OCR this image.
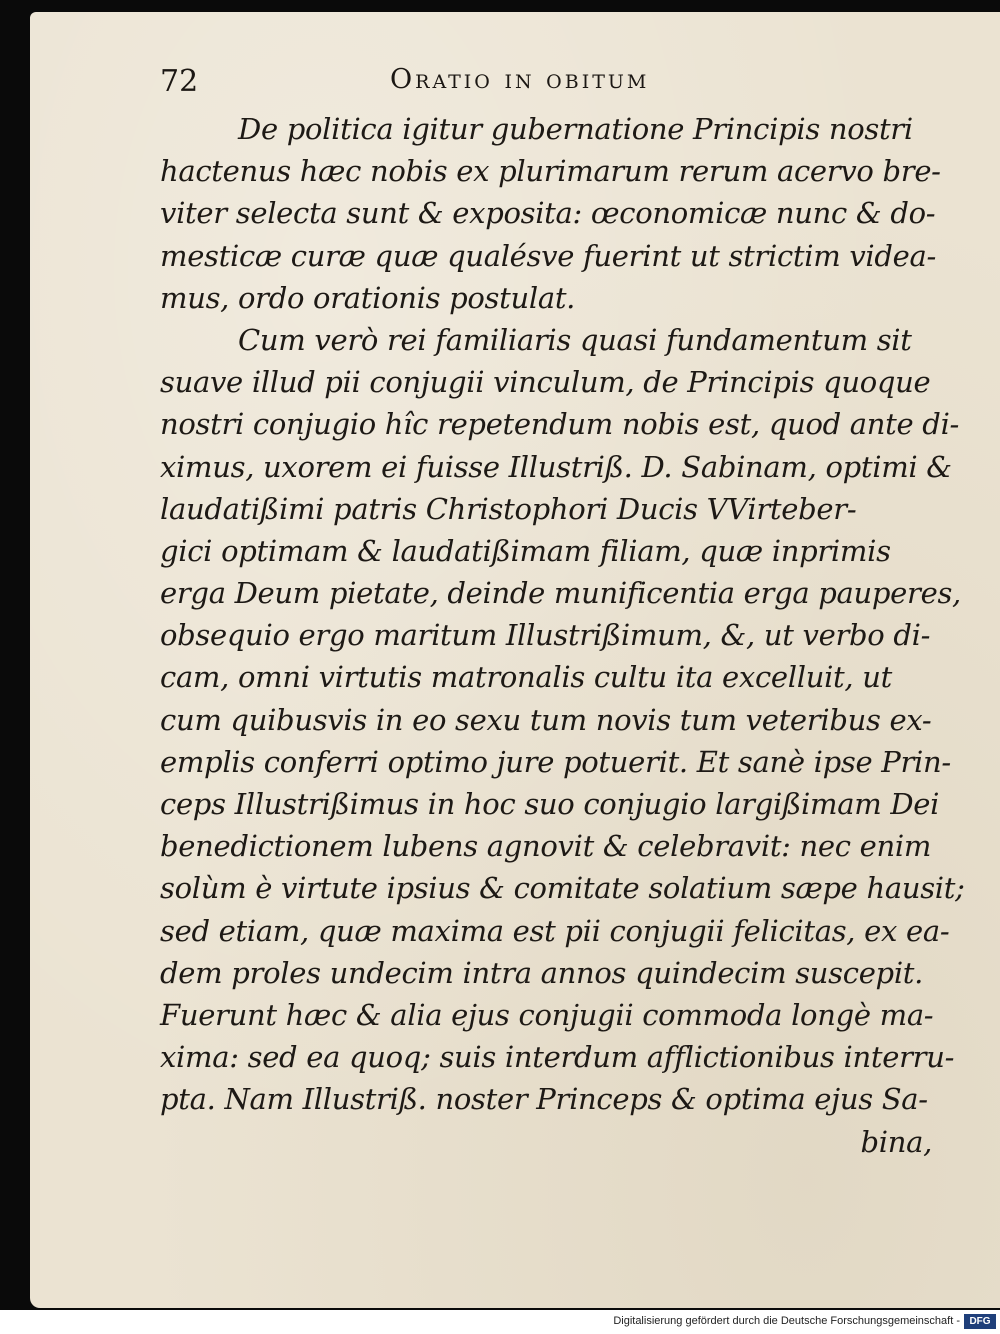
72	Oratio in obitum
De politica igitur gubernatione Principis nostri
hactenus hæc nobis ex plurimarum rerum acervo bre-
viter selecta sunt & exposita: œconomicæ nunc & do-
mesticæ curæ quæ qualésve fuerint ut strictim videa-
mus, ordo orationis postulat.
Cum verò rei familiaris quasi fundamentum sit
suave illud pii conjugii vinculum, de Principis quoque
nostri conjugio hîc repetendum nobis est, quod ante di-
ximus, uxorem ei fuisse Illustriß. D. Sabinam, optimi &
laudatißimi patris Christophori Ducis VVirteber-
gici optimam & laudatißimam filiam, quæ inprimis
erga Deum pietate, deinde munificentia erga pauperes,
obsequio ergo maritum Illustrißimum, &, ut verbo di-
cam, omni virtutis matronalis cultu ita excelluit, ut
cum quibusvis in eo sexu tum novis tum veteribus ex-
emplis conferri optimo jure potuerit. Et sanè ipse Prin-
ceps Illustrißimus in hoc suo conjugio largißimam Dei
benedictionem lubens agnovit & celebravit: nec enim
solùm è virtute ipsius & comitate solatium sæpe hausit;
sed etiam, quæ maxima est pii conjugii felicitas, ex ea-
dem proles undecim intra annos quindecim suscepit.
Fuerunt hæc & alia ejus conjugii commoda longè ma-
xima: sed ea quoq; suis interdum afflictionibus interru-
pta. Nam Illustriß. noster Princeps & optima ejus Sa-
bina,
Digitalisierung gefördert durch die Deutsche Forschungsgemeinschaft - DFG
